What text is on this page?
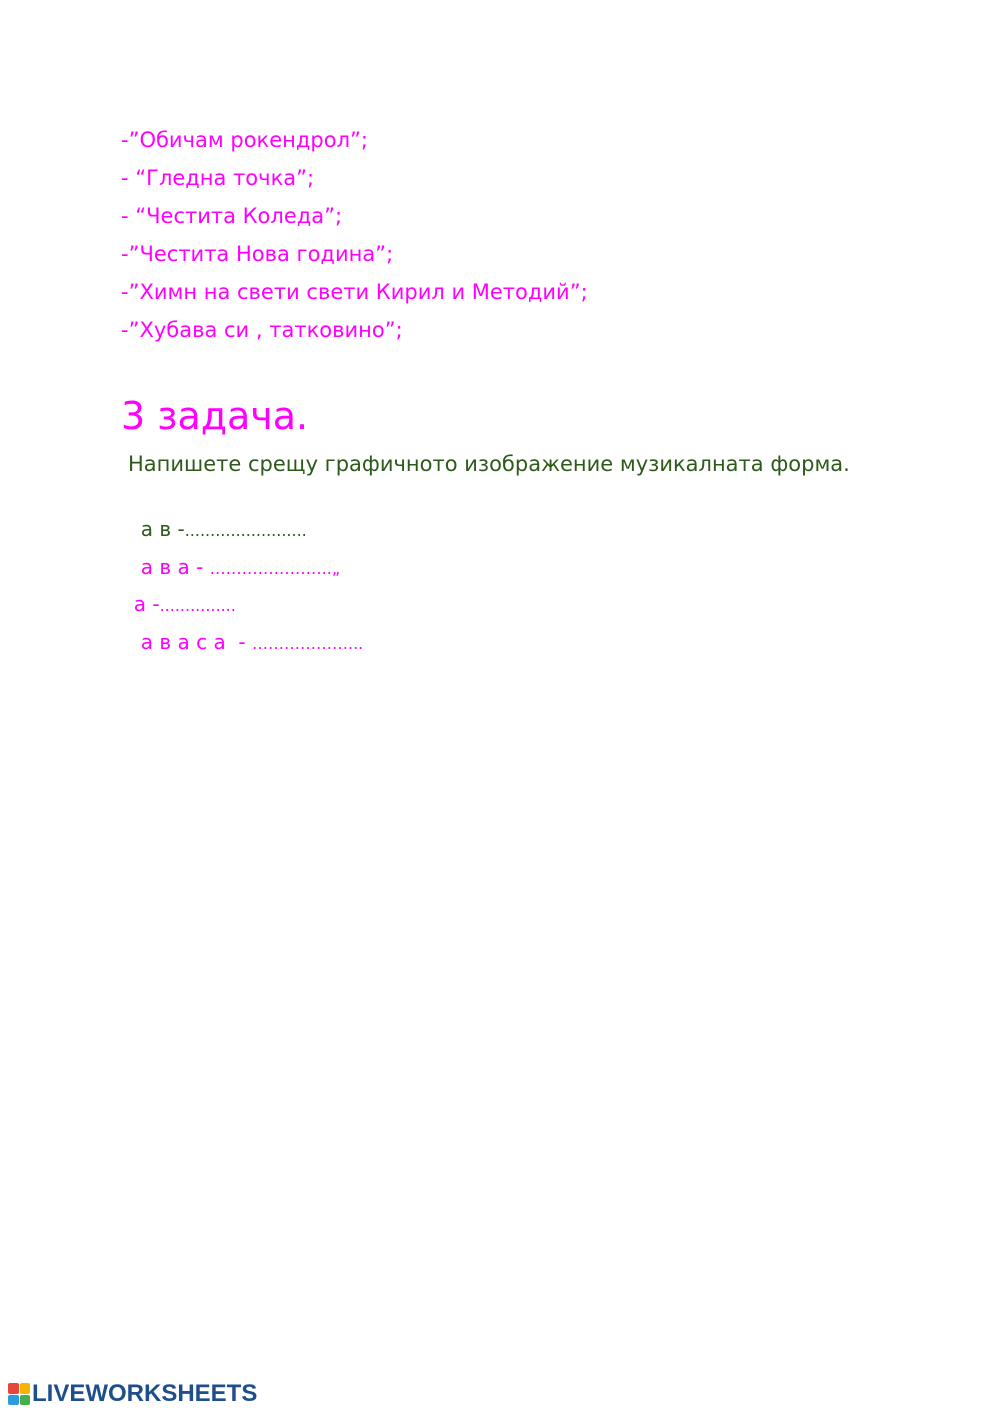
-”Обичам рокендрол”;
- “Гледна точка”;
- “Честита Коледа”;
-”Честита Нова година”;
-”Химн на свети свети Кирил и Методий”;
-”Хубава си , татковино”;
3 задача.
Напишете срещу графичното изображение музикалната форма.

а в -........................

а в а - …………………..„

а -...............

а в а с а  - ………………...

LIVEWORKSHEETS
